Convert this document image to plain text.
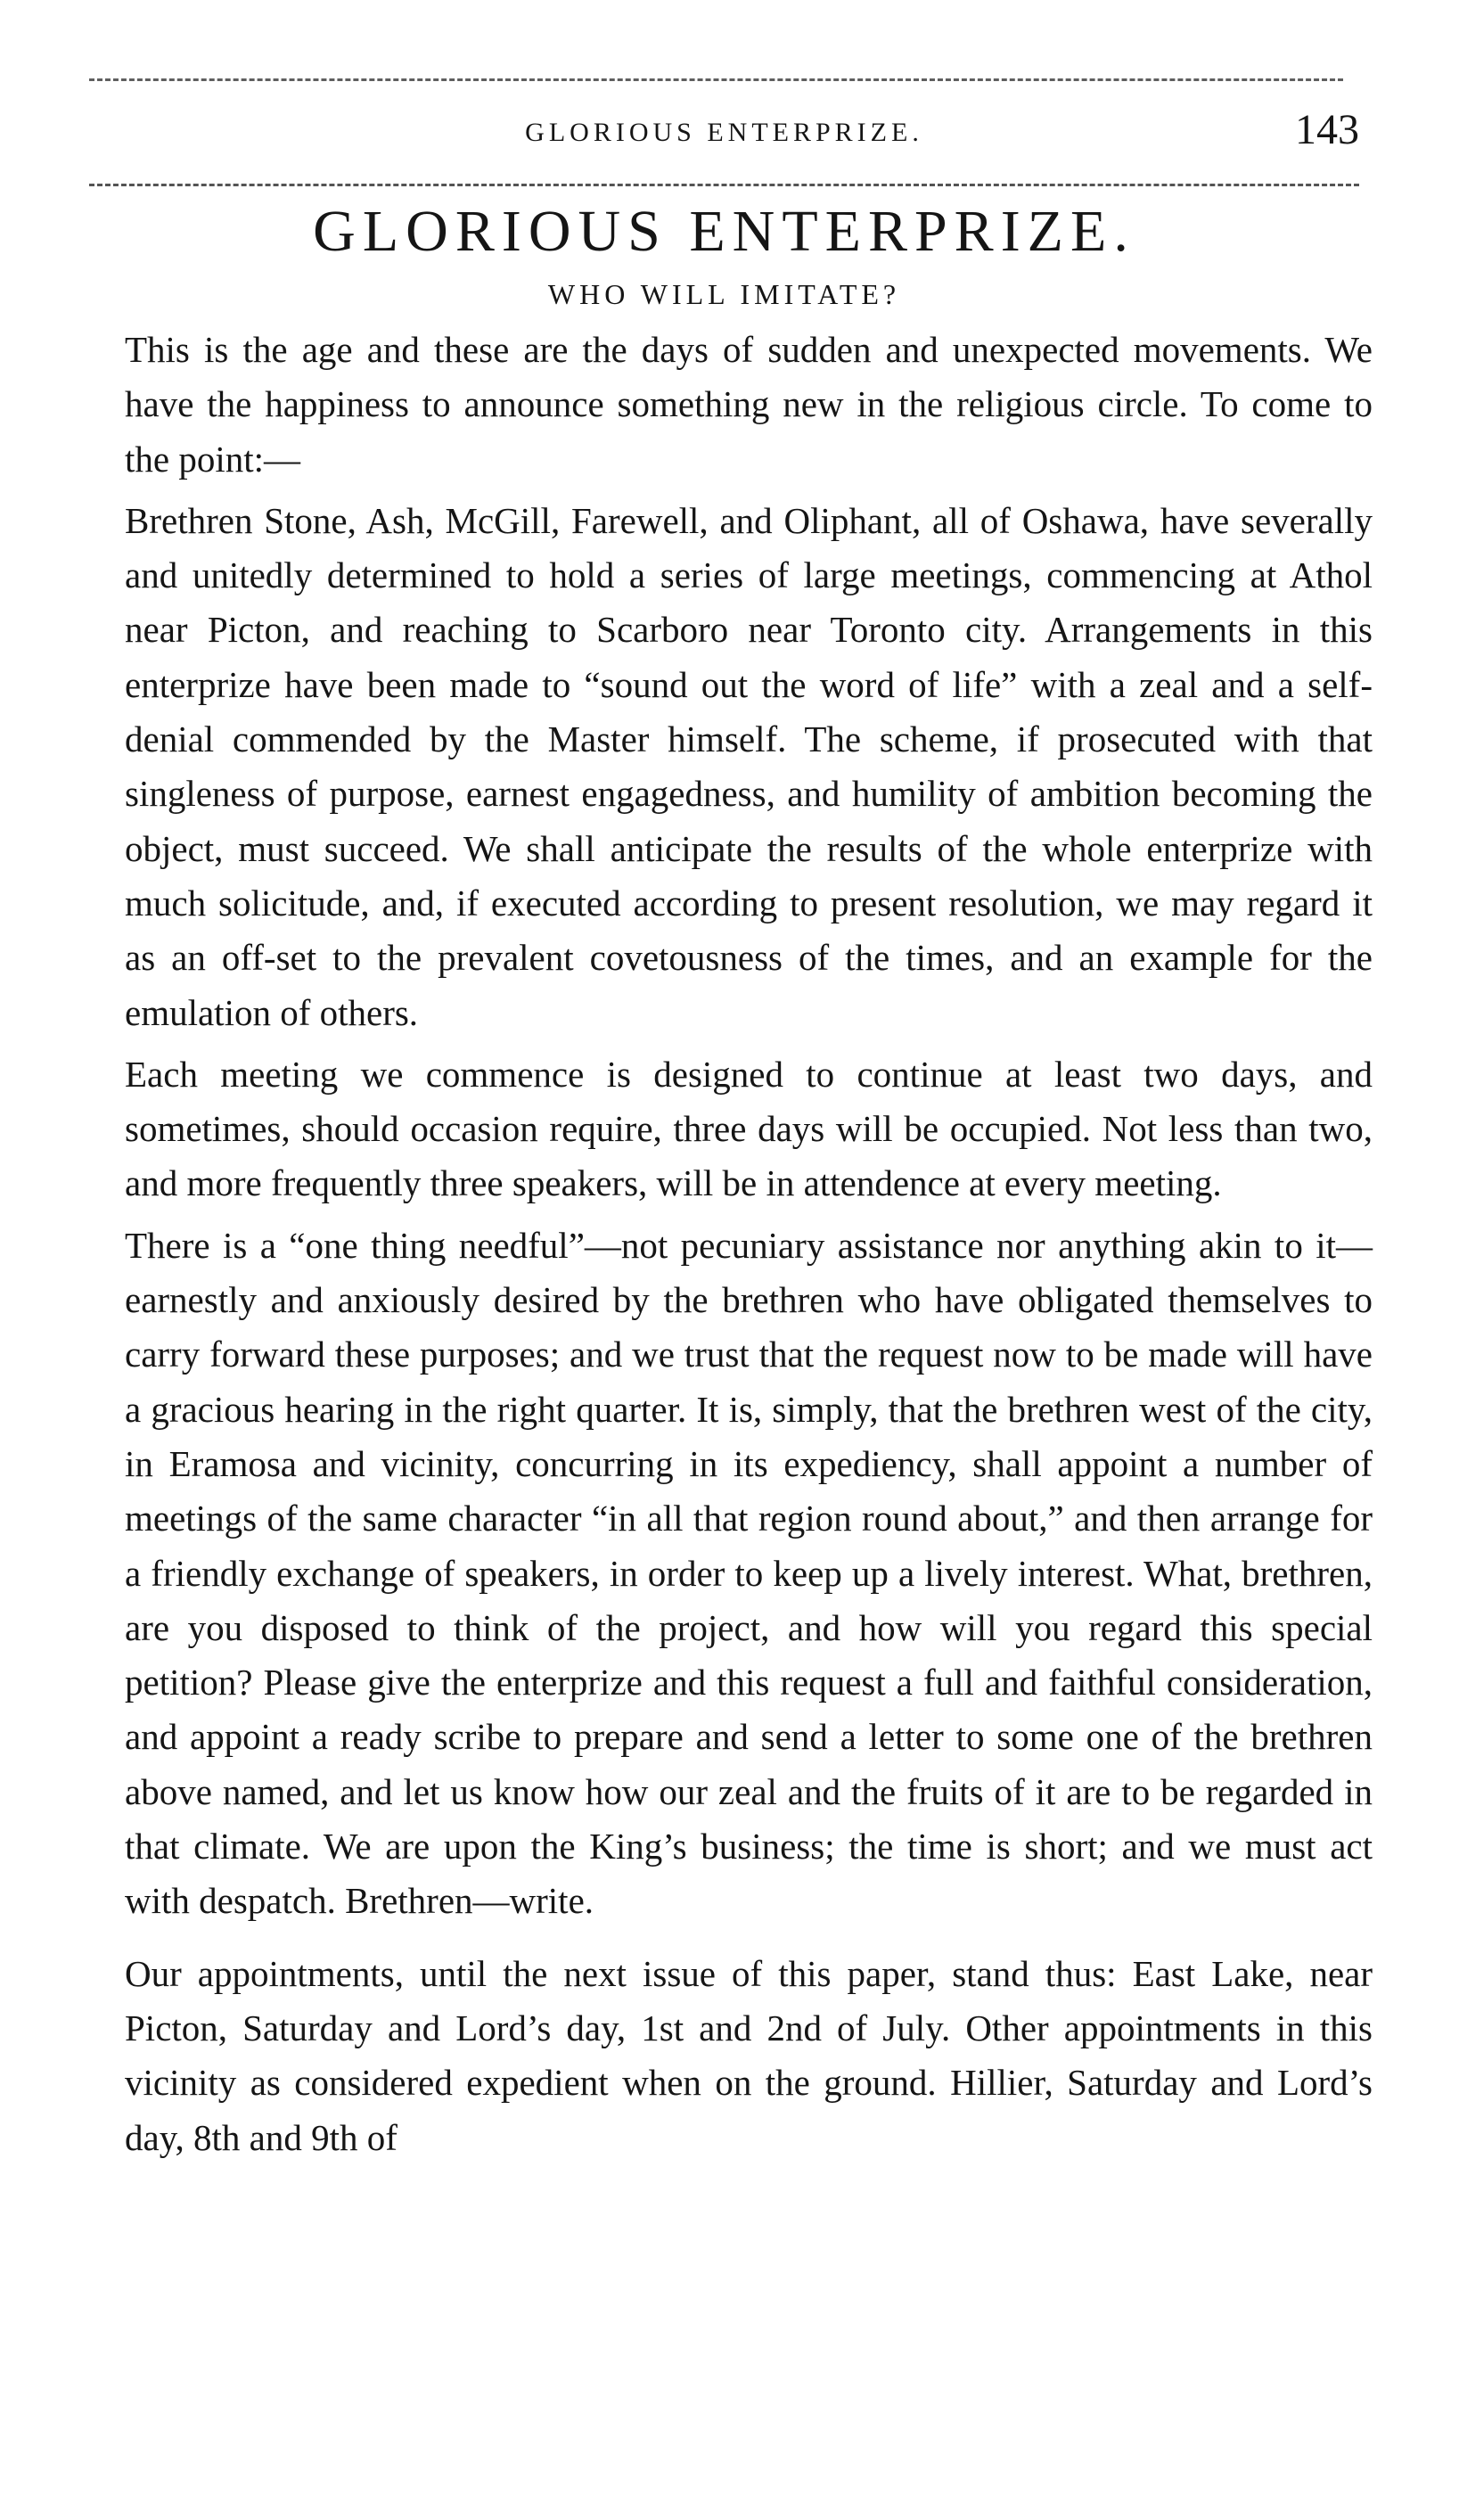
GLORIOUS ENTERPRIZE.	143
GLORIOUS ENTERPRIZE.
WHO WILL IMITATE?

This is the age and these are the days of sudden and unexpected movements. We have the happiness to announce something new in the religious circle. To come to the point:—

Brethren Stone, Ash, McGill, Farewell, and Oliphant, all of Oshawa, have severally and unitedly determined to hold a series of large meetings, commencing at Athol near Picton, and reaching to Scarboro near Toronto city. Arrangements in this enterprize have been made to “sound out the word of life” with a zeal and a self-denial commended by the Master himself. The scheme, if prosecuted with that singleness of purpose, earnest engagedness, and humility of ambition becoming the object, must succeed. We shall anticipate the results of the whole enterprize with much solicitude, and, if executed according to present resolution, we may regard it as an off-set to the prevalent covetousness of the times, and an example for the emulation of others.

Each meeting we commence is designed to continue at least two days, and sometimes, should occasion require, three days will be occupied. Not less than two, and more frequently three speakers, will be in attendence at every meeting.

There is a “one thing needful”—not pecuniary assistance nor anything akin to it—earnestly and anxiously desired by the brethren who have obligated themselves to carry forward these purposes; and we trust that the request now to be made will have a gracious hearing in the right quarter. It is, simply, that the brethren west of the city, in Eramosa and vicinity, concurring in its expediency, shall appoint a number of meetings of the same character “in all that region round about,” and then arrange for a friendly exchange of speakers, in order to keep up a lively interest. What, brethren, are you disposed to think of the project, and how will you regard this special petition? Please give the enterprize and this request a full and faithful consideration, and appoint a ready scribe to prepare and send a letter to some one of the brethren above named, and let us know how our zeal and the fruits of it are to be regarded in that climate. We are upon the King’s business; the time is short; and we must act with despatch. Brethren—write.

Our appointments, until the next issue of this paper, stand thus: East Lake, near Picton, Saturday and Lord’s day, 1st and 2nd of July. Other appointments in this vicinity as considered expedient when on the ground. Hillier, Saturday and Lord’s day, 8th and 9th of
